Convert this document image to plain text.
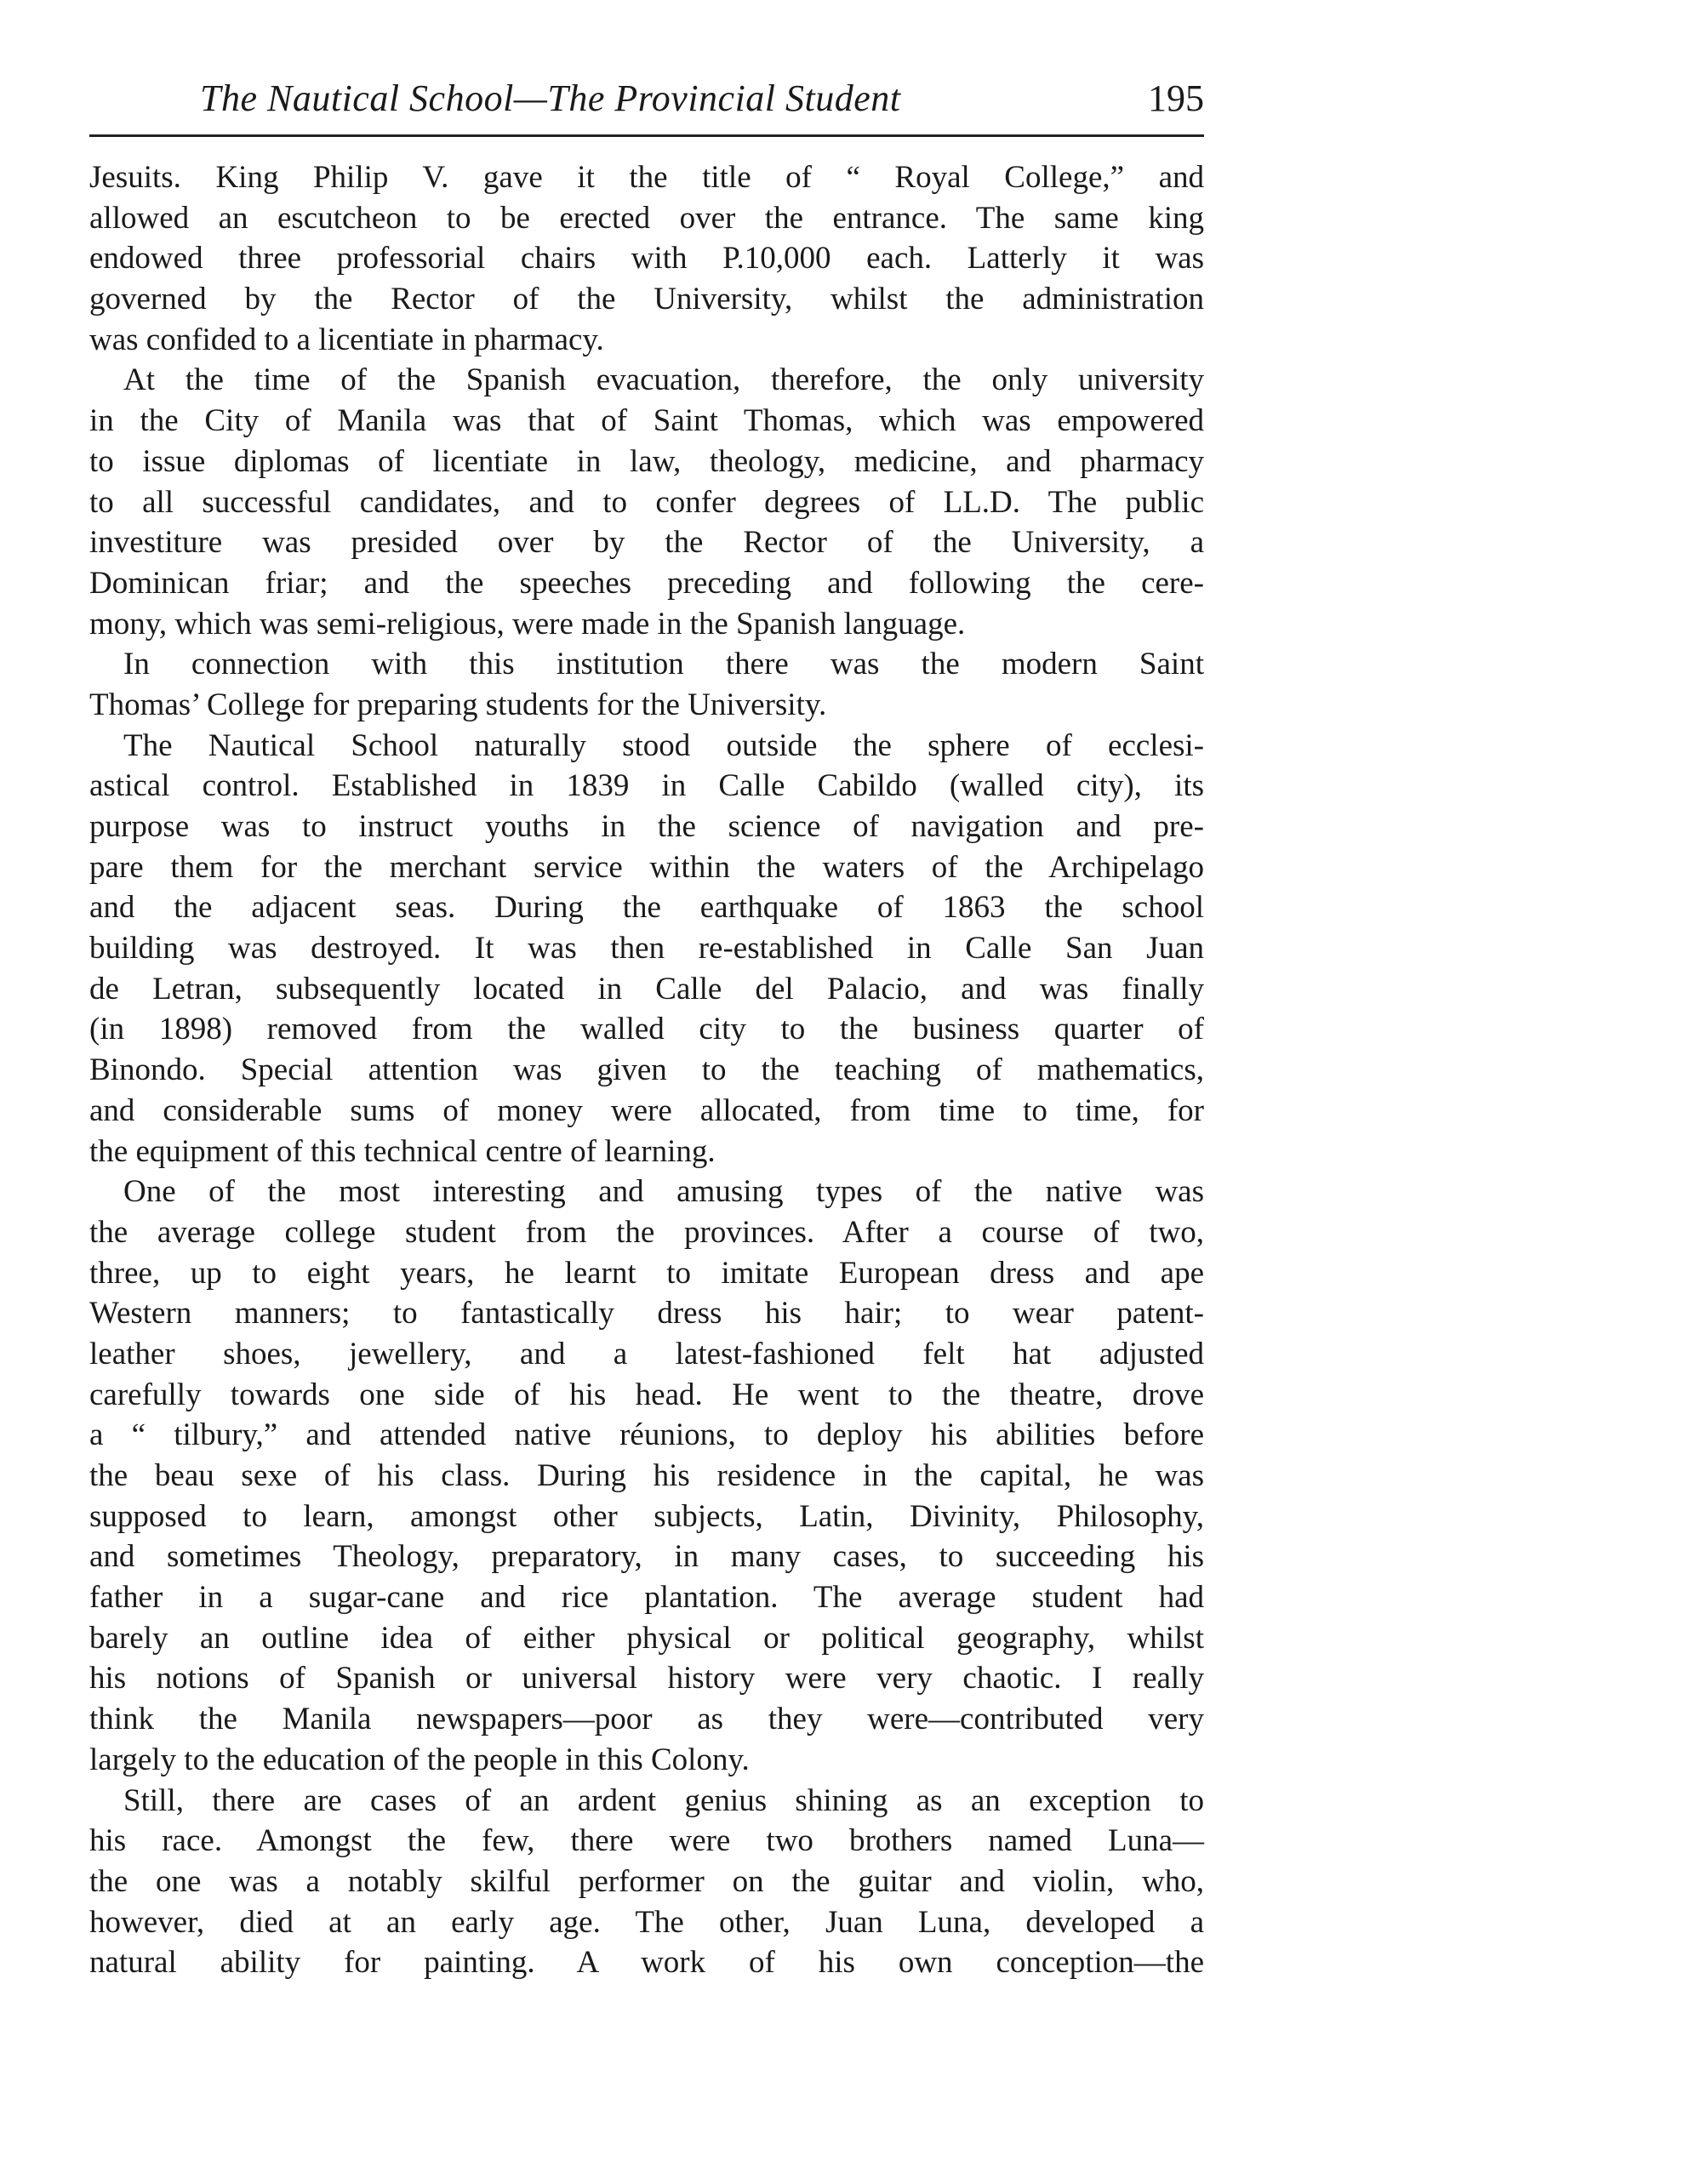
The Nautical School—The Provincial Student	195
Jesuits. King Philip V. gave it the title of “ Royal College,” and
allowed an escutcheon to be erected over the entrance. The same king
endowed three professorial chairs with P.10,000 each. Latterly it was
governed by the Rector of the University, whilst the administration
was confided to a licentiate in pharmacy.
At the time of the Spanish evacuation, therefore, the only university
in the City of Manila was that of Saint Thomas, which was empowered
to issue diplomas of licentiate in law, theology, medicine, and pharmacy
to all successful candidates, and to confer degrees of LL.D. The public
investiture was presided over by the Rector of the University, a
Dominican friar; and the speeches preceding and following the cere-
mony, which was semi-religious, were made in the Spanish language.
In connection with this institution there was the modern Saint
Thomas’ College for preparing students for the University.
The Nautical School naturally stood outside the sphere of ecclesi-
astical control. Established in 1839 in Calle Cabildo (walled city), its
purpose was to instruct youths in the science of navigation and pre-
pare them for the merchant service within the waters of the Archipelago
and the adjacent seas. During the earthquake of 1863 the school
building was destroyed. It was then re-established in Calle San Juan
de Letran, subsequently located in Calle del Palacio, and was finally
(in 1898) removed from the walled city to the business quarter of
Binondo. Special attention was given to the teaching of mathematics,
and considerable sums of money were allocated, from time to time, for
the equipment of this technical centre of learning.
One of the most interesting and amusing types of the native was
the average college student from the provinces. After a course of two,
three, up to eight years, he learnt to imitate European dress and ape
Western manners; to fantastically dress his hair; to wear patent-
leather shoes, jewellery, and a latest-fashioned felt hat adjusted
carefully towards one side of his head. He went to the theatre, drove
a “ tilbury,” and attended native réunions, to deploy his abilities before
the beau sexe of his class. During his residence in the capital, he was
supposed to learn, amongst other subjects, Latin, Divinity, Philosophy,
and sometimes Theology, preparatory, in many cases, to succeeding his
father in a sugar-cane and rice plantation. The average student had
barely an outline idea of either physical or political geography, whilst
his notions of Spanish or universal history were very chaotic. I really
think the Manila newspapers—poor as they were—contributed very
largely to the education of the people in this Colony.
Still, there are cases of an ardent genius shining as an exception to
his race. Amongst the few, there were two brothers named Luna—
the one was a notably skilful performer on the guitar and violin, who,
however, died at an early age. The other, Juan Luna, developed a
natural ability for painting. A work of his own conception—the
